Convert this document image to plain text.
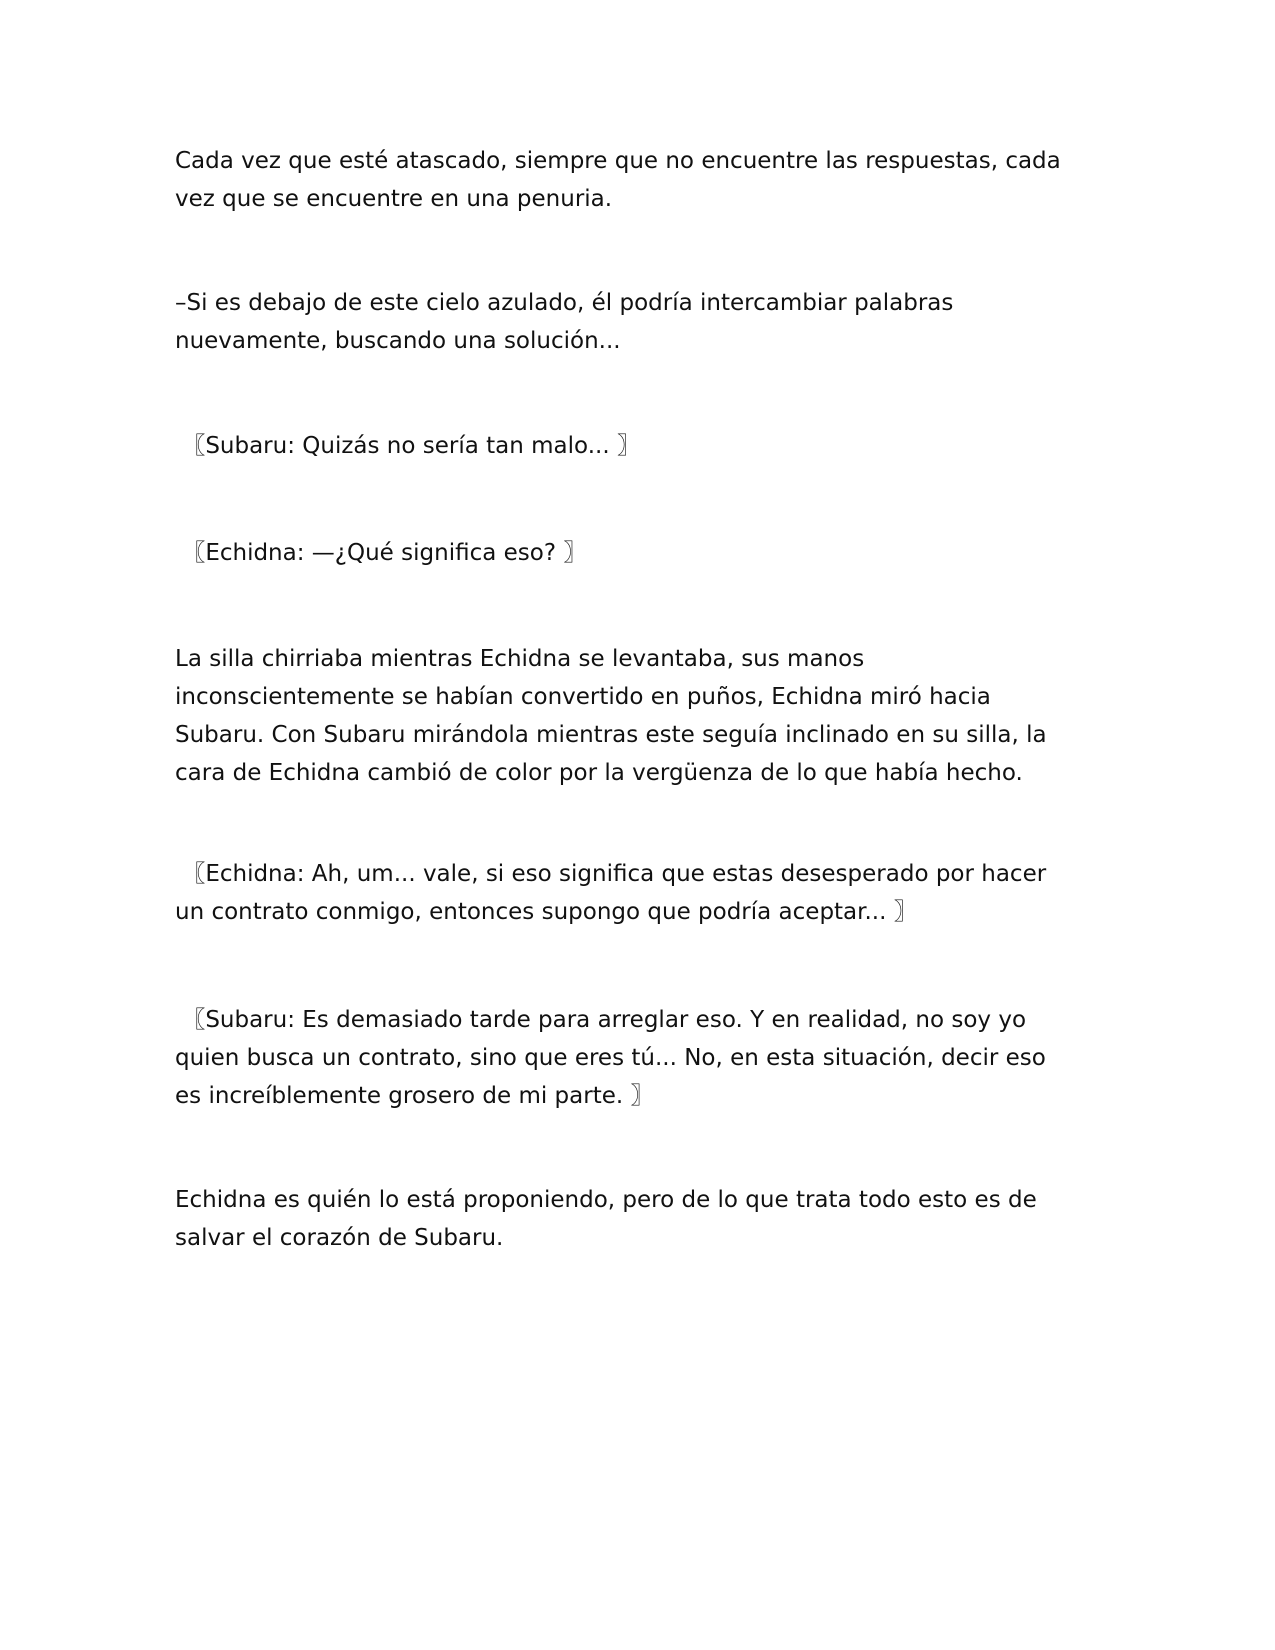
Cada vez que esté atascado, siempre que no encuentre las respuestas, cada
vez que se encuentre en una penuria.

–Si es debajo de este cielo azulado, él podría intercambiar palabras
nuevamente, buscando una solución...

〖Subaru: Quizás no sería tan malo... 〗

〖Echidna: —¿Qué significa eso? 〗

La silla chirriaba mientras Echidna se levantaba, sus manos
inconscientemente se habían convertido en puños, Echidna miró hacia
Subaru. Con Subaru mirándola mientras este seguía inclinado en su silla, la
cara de Echidna cambió de color por la vergüenza de lo que había hecho.

〖Echidna: Ah, um... vale, si eso significa que estas desesperado por hacer
un contrato conmigo, entonces supongo que podría aceptar... 〗

〖Subaru: Es demasiado tarde para arreglar eso. Y en realidad, no soy yo
quien busca un contrato, sino que eres tú... No, en esta situación, decir eso
es increíblemente grosero de mi parte. 〗

Echidna es quién lo está proponiendo, pero de lo que trata todo esto es de
salvar el corazón de Subaru.
